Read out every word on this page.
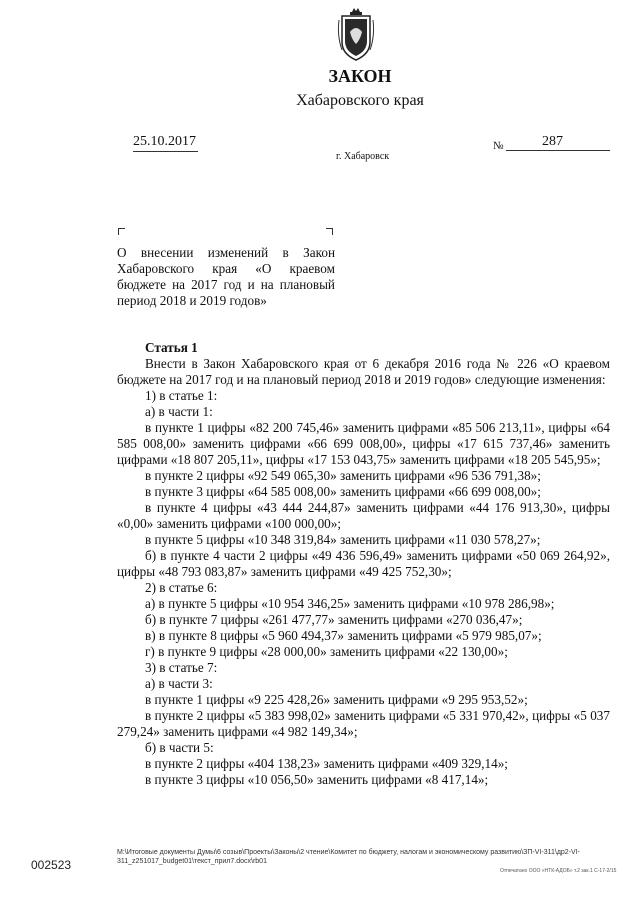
ЗАКОН
Хабаровского края
25.10.2017	№	287
г. Хабаровск
О внесении изменений в Закон Хабаровского края «О краевом бюджете на 2017 год и на плановый период 2018 и 2019 годов»
Статья 1

Внести в Закон Хабаровского края от 6 декабря 2016 года № 226 «О краевом бюджете на 2017 год и на плановый период 2018 и 2019 годов» следующие изменения:

1) в статье 1:

а) в части 1:

в пункте 1 цифры «82 200 745,46» заменить цифрами «85 506 213,11», цифры «64 585 008,00» заменить цифрами «66 699 008,00», цифры «17 615 737,46» заменить цифрами «18 807 205,11», цифры «17 153 043,75» заменить цифрами «18 205 545,95»;

в пункте 2 цифры «92 549 065,30» заменить цифрами «96 536 791,38»;

в пункте 3 цифры «64 585 008,00» заменить цифрами «66 699 008,00»;

в пункте 4 цифры «43 444 244,87» заменить цифрами «44 176 913,30», цифры «0,00» заменить цифрами «100 000,00»;

в пункте 5 цифры «10 348 319,84» заменить цифрами «11 030 578,27»;

б) в пункте 4 части 2 цифры «49 436 596,49» заменить цифрами «50 069 264,92», цифры «48 793 083,87» заменить цифрами «49 425 752,30»;

2) в статье 6:

а) в пункте 5 цифры «10 954 346,25» заменить цифрами «10 978 286,98»;

б) в пункте 7 цифры «261 477,77» заменить цифрами «270 036,47»;

в) в пункте 8 цифры «5 960 494,37» заменить цифрами «5 979 985,07»;

г) в пункте 9 цифры «28 000,00» заменить цифрами «22 130,00»;

3) в статье 7:

а) в части 3:

в пункте 1 цифры «9 225 428,26» заменить цифрами «9 295 953,52»;

в пункте 2 цифры «5 383 998,02» заменить цифрами «5 331 970,42», цифры «5 037 279,24» заменить цифрами «4 982 149,34»;

б) в части 5:

в пункте 2 цифры «404 138,23» заменить цифрами «409 329,14»;

в пункте 3 цифры «10 056,50» заменить цифрами «8 417,14»;

M:\Итоговые документы Думы\6 созыв\Проекты\Законы\2 чтение\Комитет по бюджету, налогам и экономическому развитию\ЗП-VI-311\др2-VI-311_z251017_budget01\текст_прил7.docx\rb01
Отпечатано ООО «НТК-АДОБ» т.2 зак.1 С-17-2/15
002523
